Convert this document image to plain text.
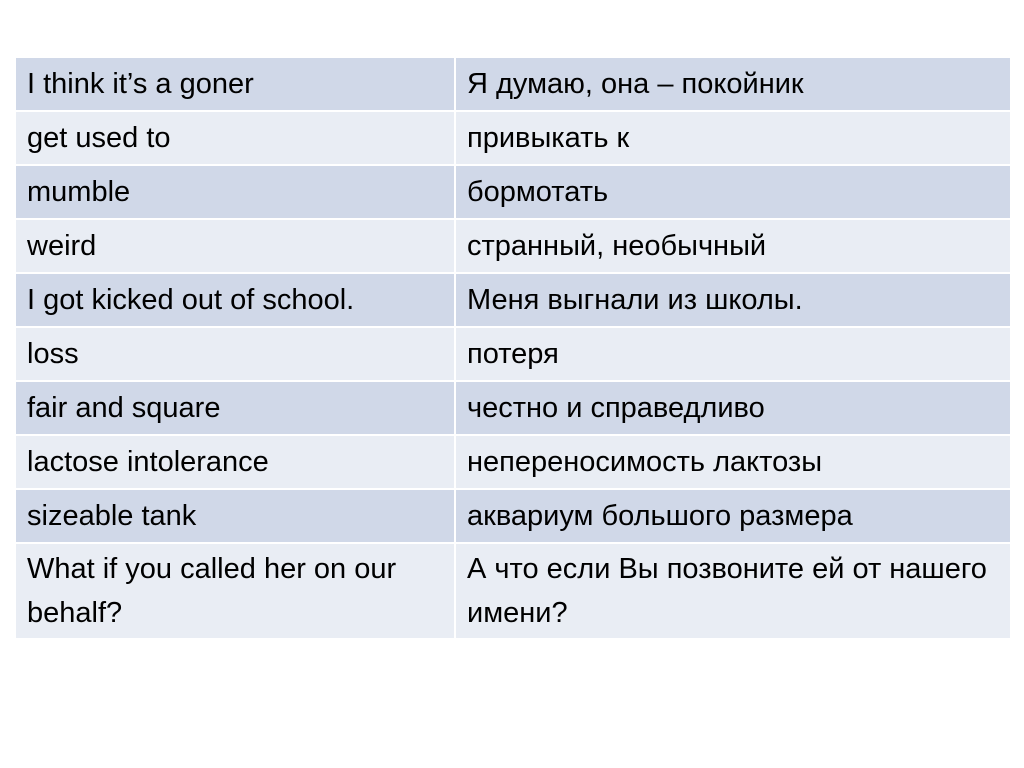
I think it’s a goner	Я думаю, она – покойник
get used to	привыкать к
mumble	бормотать
weird	странный, необычный
I got kicked out of school.	Меня выгнали из школы.
loss	потеря
fair and square	честно и справедливо
lactose intolerance	непереносимость лактозы
sizeable tank	аквариум большого размера
What if you called her on our behalf?	А что если Вы позвоните ей от нашего имени?
